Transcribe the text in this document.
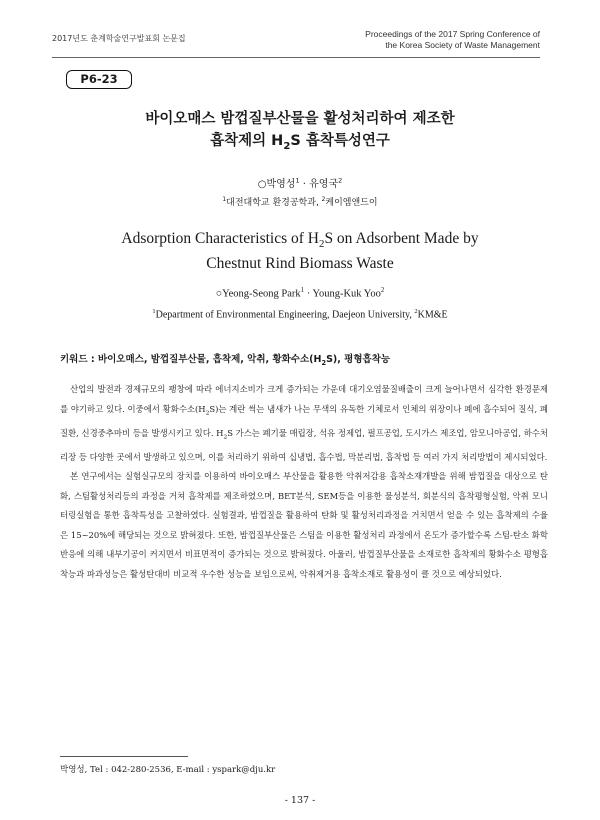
2017년도 춘계학술연구발표회 논문집	Proceedings of the 2017 Spring Conference of
the Korea Society of Waste Management
P6-23
바이오매스 밤껍질부산물을 활성처리하여 제조한
흡착제의 $H_2S$ 흡착특성연구
○박영성$^1$ · 유영국$^2$
$^1$대전대학교 환경공학과, $^2$케이엠앤드이
Adsorption Characteristics of $H_2S$ on Adsorbent Made by
Chestnut Rind Biomass Waste
○Yeong-Seong Park$^1$ · Young-Kuk Yoo$^2$
$^1$Department of Environmental Engineering, Daejeon University, $^2$KM&E
키워드 : 바이오매스, 밤껍질부산물, 흡착제, 악취, 황화수소$(H_2S)$, 평형흡착능

산업의 발전과 경제규모의 팽창에 따라 에너지소비가 크게 증가되는 가운데 대기오염물질배출이 크게 늘어나면서 심각한 환경문제를 야기하고 있다. 이중에서 황화수소$(H_2S)$는 계란 썩는 냄새가 나는 무색의 유독한 기체로서 인체의 위장이나 폐에 흡수되어 질식, 폐 질환, 신경중추마비 등을 발생시키고 있다. $H_2S$ 가스는 폐기물 매립장, 석유 정제업, 펄프공업, 도시가스 제조업, 암모니아공업, 하수처리장 등 다양한 곳에서 발생하고 있으며, 이를 처리하기 위하여 십냉법, 흡수법, 막분리법, 흡착법 등 여러 가지 처리방법이 제시되었다.

본 연구에서는 실험실규모의 장치를 이용하여 바이오매스 부산물을 활용한 악취저감용 흡착소재개발을 위해 밤껍질을 대상으로 탄화, 스팀활성처리등의 과정을 거쳐 흡착제를 제조하였으며, BET분석, SEM등을 이용한 물성분석, 회분식의 흡착평형실험, 악취 모니터링실험을 통한 흡착특성을 고찰하였다. 실험결과, 밤껍질을 활용하여 탄화 및 활성처리과정을 거치면서 얻을 수 있는 흡착제의 수율은 15~20%에 해당되는 것으로 밝혀졌다. 또한, 밤껍질부산물은 스팀을 이용한 활성처리 과정에서 온도가 증가할수록 스팀-탄소 화학반응에 의해 내부기공이 커지면서 비표면적이 증가되는 것으로 밝혀졌다. 아울러, 밤껍질부산물을 소재로한 흡착제의 황화수소 평형흡착능과 파과성능은 활성탄대비 비교적 우수한 성능을 보임으로써, 악취제거용 흡착소재로 활용성이 클 것으로 예상되었다.

박영성, Tel : 042-280-2536, E-mail : yspark@dju.kr
- 137 -
